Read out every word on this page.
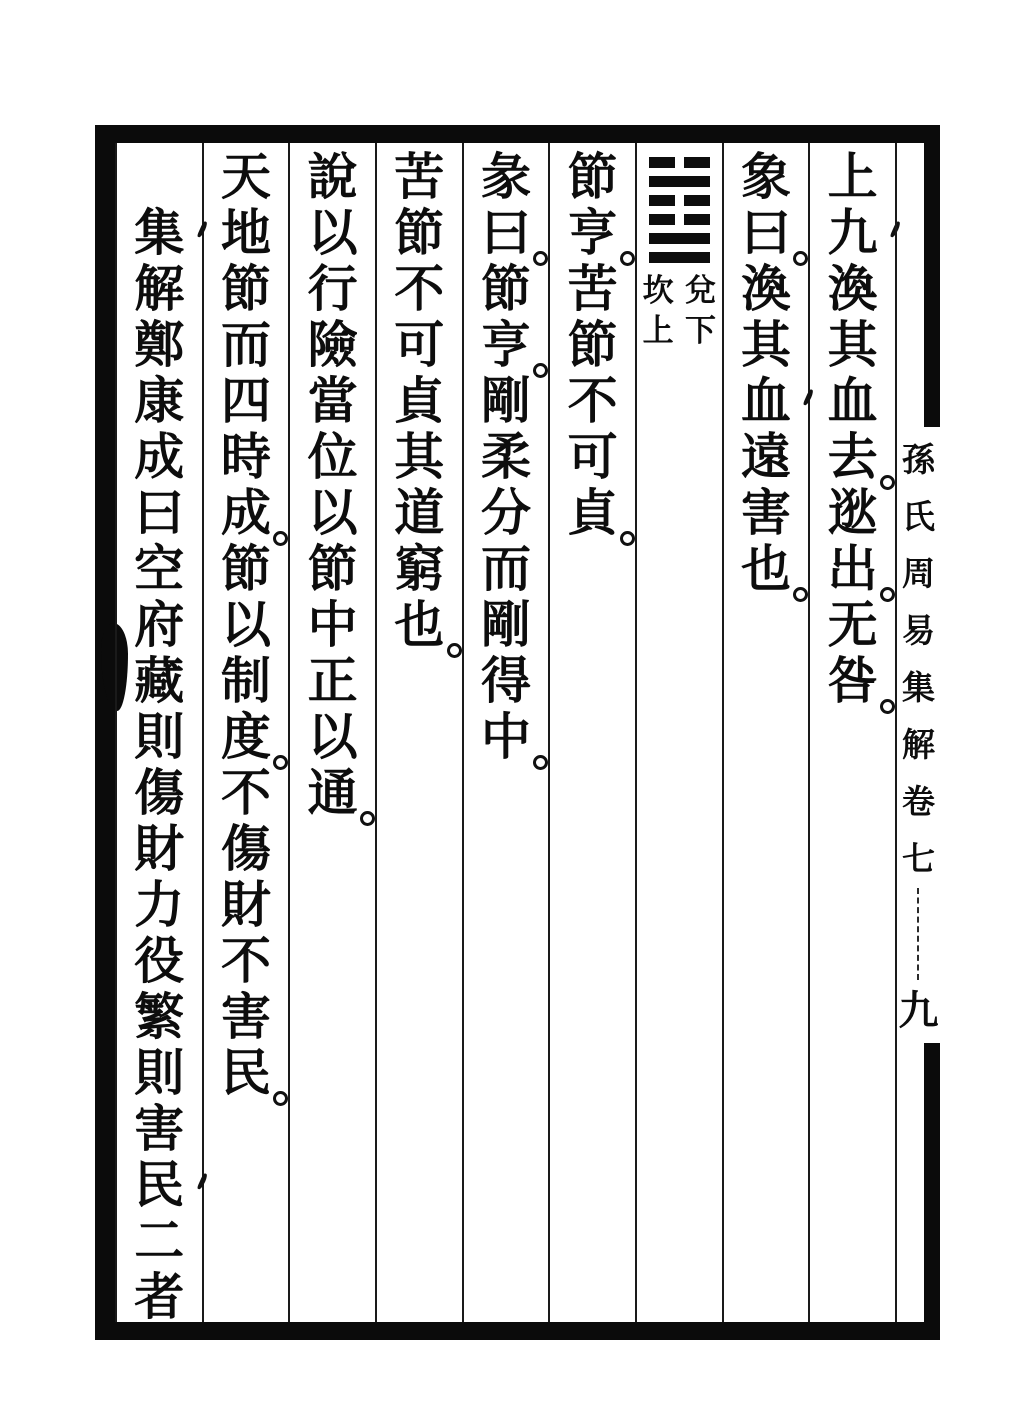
上
九
渙
其
血
去
逖
出
无
咎
象
曰
渙
其
血
遠
害
也
兌
下
坎
上
節
亨
苦
節
不
可
貞
彖
曰
節
亨
剛
柔
分
而
剛
得
中
苦
節
不
可
貞
其
道
窮
也
說
以
行
險
當
位
以
節
中
正
以
通
天
地
節
而
四
時
成
節
以
制
度
不
傷
財
不
害
民
集
解
鄭
康
成
曰
空
府
藏
則
傷
財
力
役
繁
則
害
民
二
者
孫
氏
周
易
集
解
卷
七
九
